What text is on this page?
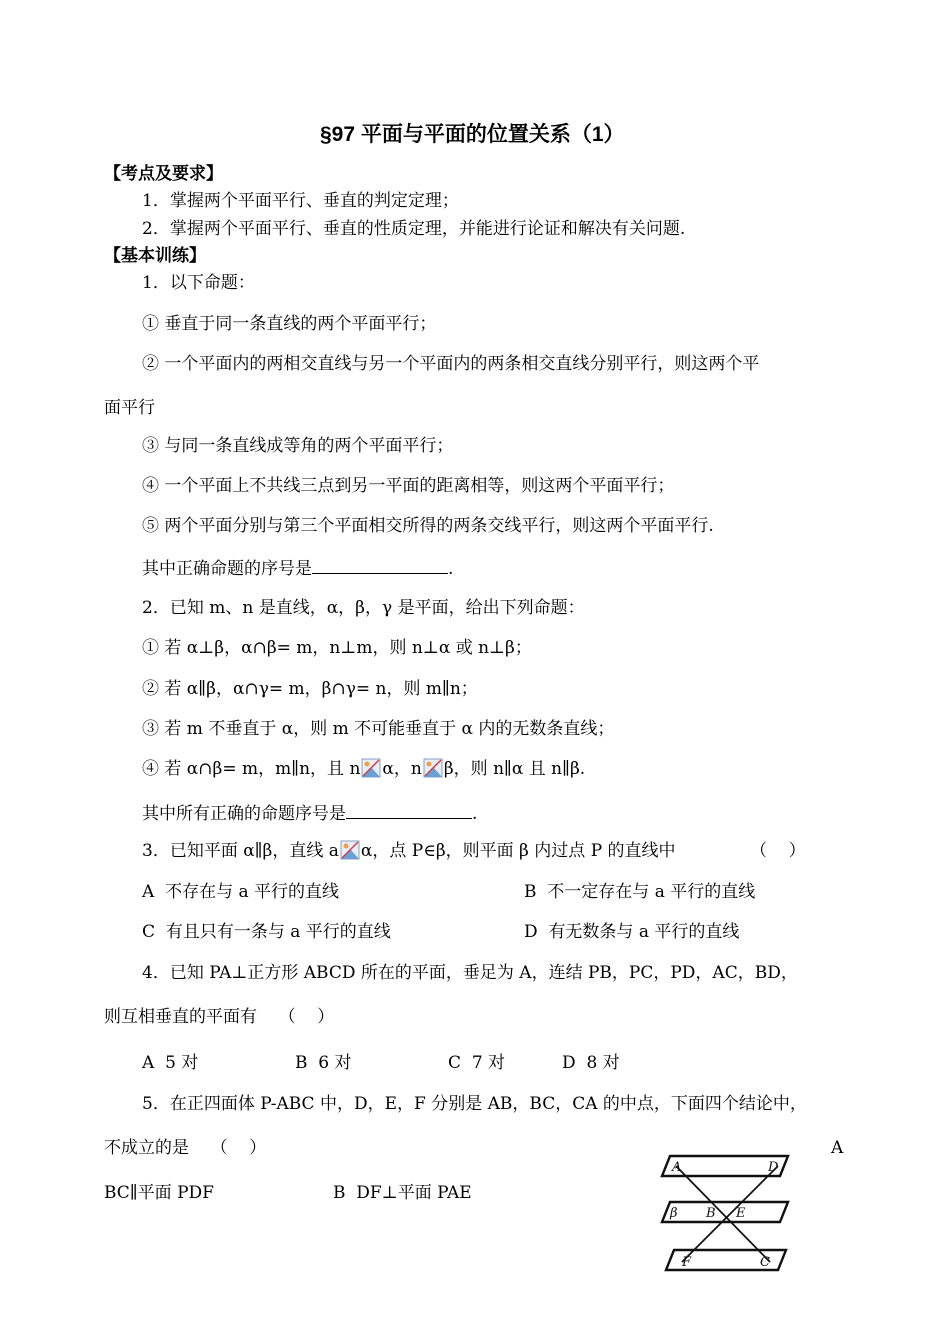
§97 平面与平面的位置关系（1）
【考点及要求】
1．掌握两个平面平行、垂直的判定定理；
2．掌握两个平面平行、垂直的性质定理，并能进行论证和解决有关问题.
【基本训练】
1．以下命题：
① 垂直于同一条直线的两个平面平行；
② 一个平面内的两相交直线与另一个平面内的两条相交直线分别平行，则这两个平
面平行
③ 与同一条直线成等角的两个平面平行；
④ 一个平面上不共线三点到另一平面的距离相等，则这两个平面平行；
⑤ 两个平面分别与第三个平面相交所得的两条交线平行，则这两个平面平行.
其中正确命题的序号是	.
2．已知 m、n 是直线，α，β，γ 是平面，给出下列命题：
① 若 α⊥β，α∩β= m，n⊥m，则 n⊥α 或 n⊥β；
② 若 α∥β，α∩γ= m，β∩γ= n，则 m∥n；
③ 若 m 不垂直于 α，则 m 不可能垂直于 α 内的无数条直线；
④ 若 α∩β= m，m∥n，且 n α，n β，则 n∥α 且 n∥β.
其中所有正确的命题序号是	.
3．已知平面 α∥β，直线 a α，点 P∈β，则平面 β 内过点 P 的直线中	（    ）
A  不存在与 a 平行的直线	B  不一定存在与 a 平行的直线
C  有且只有一条与 a 平行的直线	D  有无数条与 a 平行的直线
4．已知 PA⊥正方形 ABCD 所在的平面，垂足为 A，连结 PB，PC，PD，AC，BD，
则互相垂直的平面有    （    ）
A  5 对	B  6 对	C  7 对	D  8 对
5．在正四面体 P-ABC 中，D，E，F 分别是 AB，BC，CA 的中点，下面四个结论中，
不成立的是    （    ）	A
BC∥平面 PDF	B  DF⊥平面 PAE
A	D
β B E
F	C
